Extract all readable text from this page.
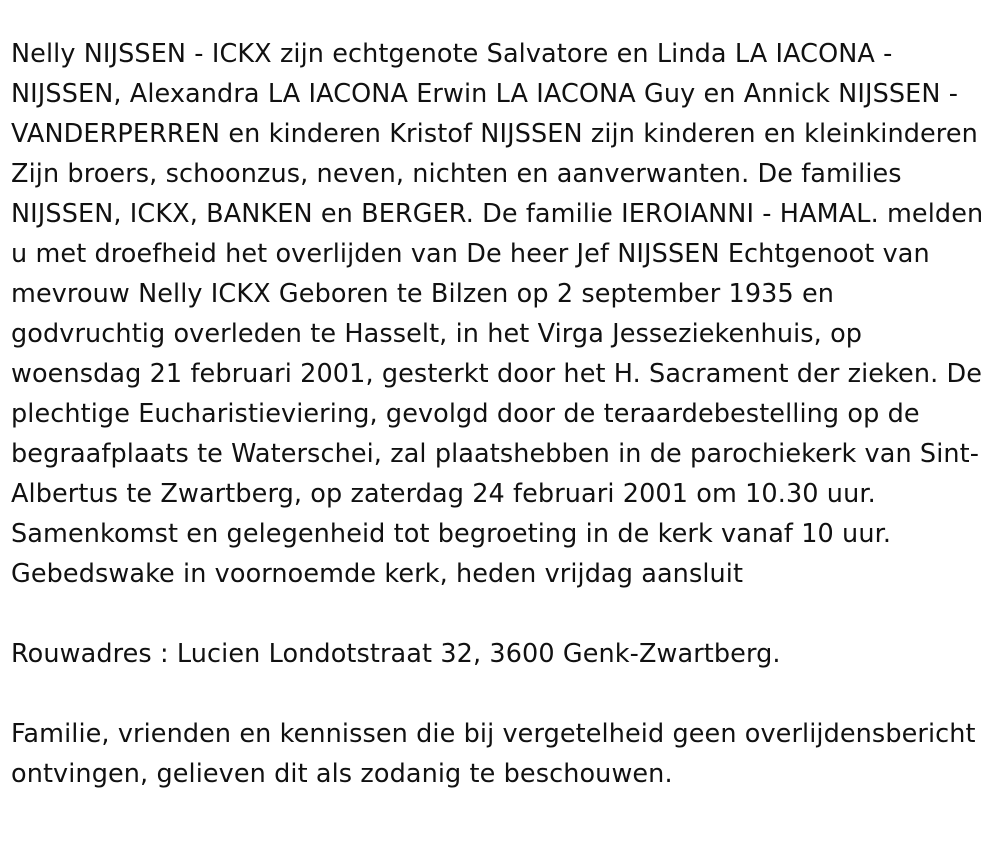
Nelly NIJSSEN - ICKX zijn echtgenote Salvatore en Linda LA IACONA - NIJSSEN, Alexandra LA IACONA Erwin LA IACONA Guy en Annick NIJSSEN - VANDERPERREN en kinderen Kristof NIJSSEN zijn kinderen en kleinkinderen Zijn broers, schoonzus, neven, nichten en aanverwanten. De families NIJSSEN, ICKX, BANKEN en BERGER. De familie IEROIANNI - HAMAL. melden u met droefheid het overlijden van De heer Jef NIJSSEN Echtgenoot van mevrouw Nelly ICKX Geboren te Bilzen op 2 september 1935 en godvruchtig overleden te Hasselt, in het Virga Jesseziekenhuis, op woensdag 21 februari 2001, gesterkt door het H. Sacrament der zieken. De plechtige Eucharistieviering, gevolgd door de teraardebestelling op de begraafplaats te Waterschei, zal plaatshebben in de parochiekerk van Sint-Albertus te Zwartberg, op zaterdag 24 februari 2001 om 10.30 uur. Samenkomst en gelegenheid tot begroeting in de kerk vanaf 10 uur. Gebedswake in voornoemde kerk, heden vrijdag aansluit

Rouwadres : Lucien Londotstraat 32, 3600 Genk-Zwartberg.

Familie, vrienden en kennissen die bij vergetelheid geen overlijdensbericht ontvingen, gelieven dit als zodanig te beschouwen.
